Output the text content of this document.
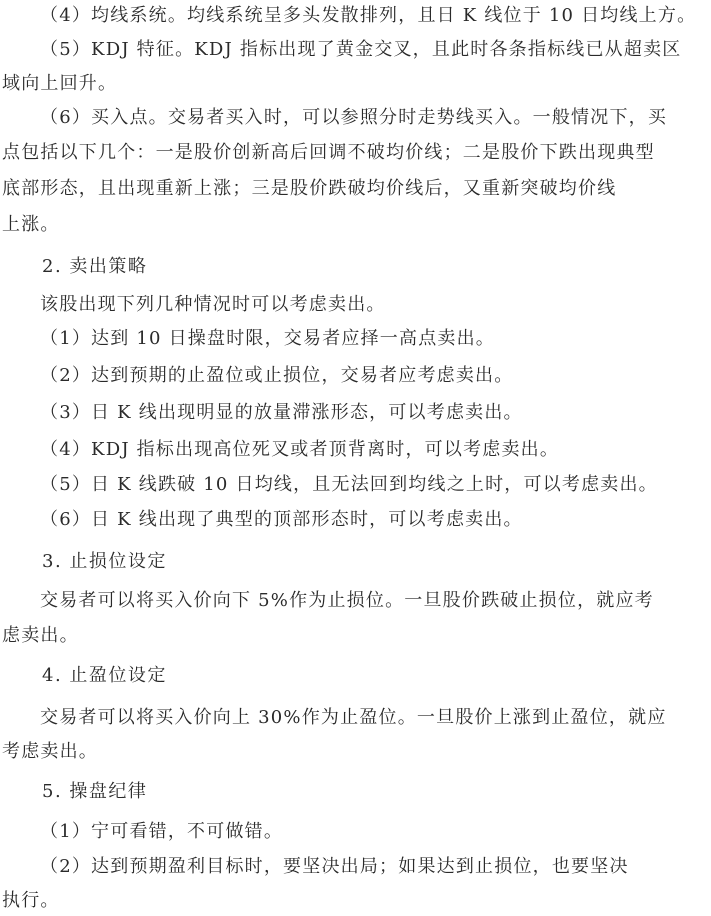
（4）均线系统。均线系统呈多头发散排列，且日 K 线位于 10 日均线上方。
（5）KDJ 特征。KDJ 指标出现了黄金交叉，且此时各条指标线已从超卖区
域向上回升。
（6）买入点。交易者买入时，可以参照分时走势线买入。一般情况下，买
点包括以下几个：一是股价创新高后回调不破均价线；二是股价下跌出现典型
底部形态，且出现重新上涨；三是股价跌破均价线后，又重新突破均价线
上涨。
2. 卖出策略
该股出现下列几种情况时可以考虑卖出。
（1）达到 10 日操盘时限，交易者应择一高点卖出。
（2）达到预期的止盈位或止损位，交易者应考虑卖出。
（3）日 K 线出现明显的放量滞涨形态，可以考虑卖出。
（4）KDJ 指标出现高位死叉或者顶背离时，可以考虑卖出。
（5）日 K 线跌破 10 日均线，且无法回到均线之上时，可以考虑卖出。
（6）日 K 线出现了典型的顶部形态时，可以考虑卖出。
3. 止损位设定
交易者可以将买入价向下 5%作为止损位。一旦股价跌破止损位，就应考
虑卖出。
4. 止盈位设定
交易者可以将买入价向上 30%作为止盈位。一旦股价上涨到止盈位，就应
考虑卖出。
5. 操盘纪律
（1）宁可看错，不可做错。
（2）达到预期盈利目标时，要坚决出局；如果达到止损位，也要坚决
执行。
